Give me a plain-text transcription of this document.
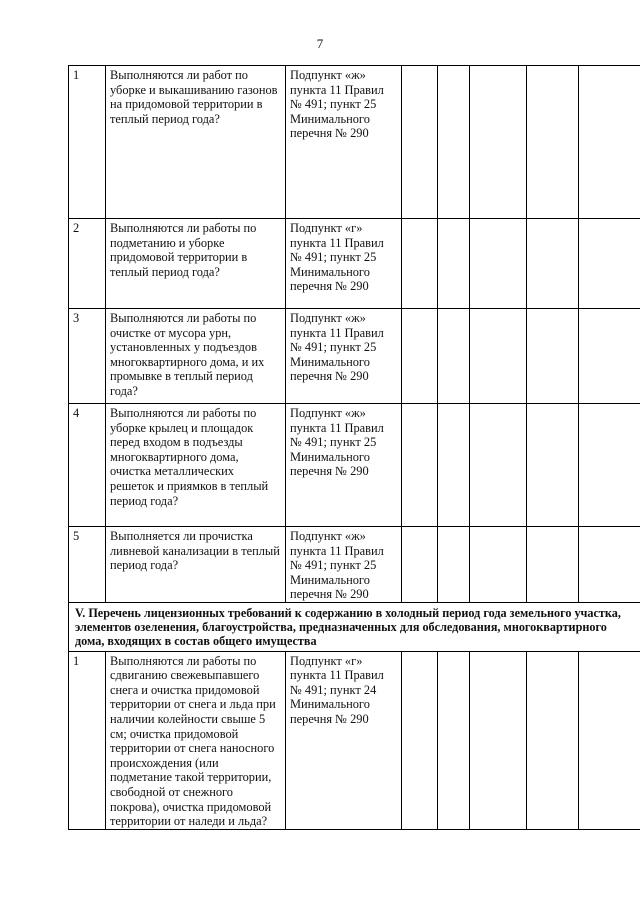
7
1	Выполняются ли работ по уборке и выкашиванию газонов на придомовой территории в теплый период года?	Подпункт «ж» пункта 11 Правил № 491; пункт 25 Минимального перечня № 290					
2	Выполняются ли работы по подметанию и уборке придомовой территории в теплый период года?	Подпункт «г» пункта 11 Правил № 491; пункт 25 Минимального перечня № 290					
3	Выполняются ли работы по очистке от мусора урн, установленных у подъездов многоквартирного дома, и их промывке в теплый период года?	Подпункт «ж» пункта 11 Правил № 491; пункт 25 Минимального перечня № 290					
4	Выполняются ли работы по уборке крылец и площадок перед входом в подъезды многоквартирного дома, очистка металлических решеток и приямков в теплый период года?	Подпункт «ж» пункта 11 Правил № 491; пункт 25 Минимального перечня № 290					
5	Выполняется ли прочистка ливневой канализации в теплый период года?	Подпункт «ж» пункта 11 Правил № 491; пункт 25 Минимального перечня № 290					
V. Перечень лицензионных требований к содержанию в холодный период года земельного участка, элементов озеленения, благоустройства, предназначенных для обследования, многоквартирного дома, входящих в состав общего имущества							
1	Выполняются ли работы по сдвиганию свежевыпавшего снега и очистка придомовой территории от снега и льда при наличии колейности свыше 5 см; очистка придомовой территории от снега наносного происхождения (или подметание такой территории, свободной от снежного покрова), очистка придомовой территории от наледи и льда?	Подпункт «г» пункта 11 Правил № 491; пункт 24 Минимального перечня № 290					
